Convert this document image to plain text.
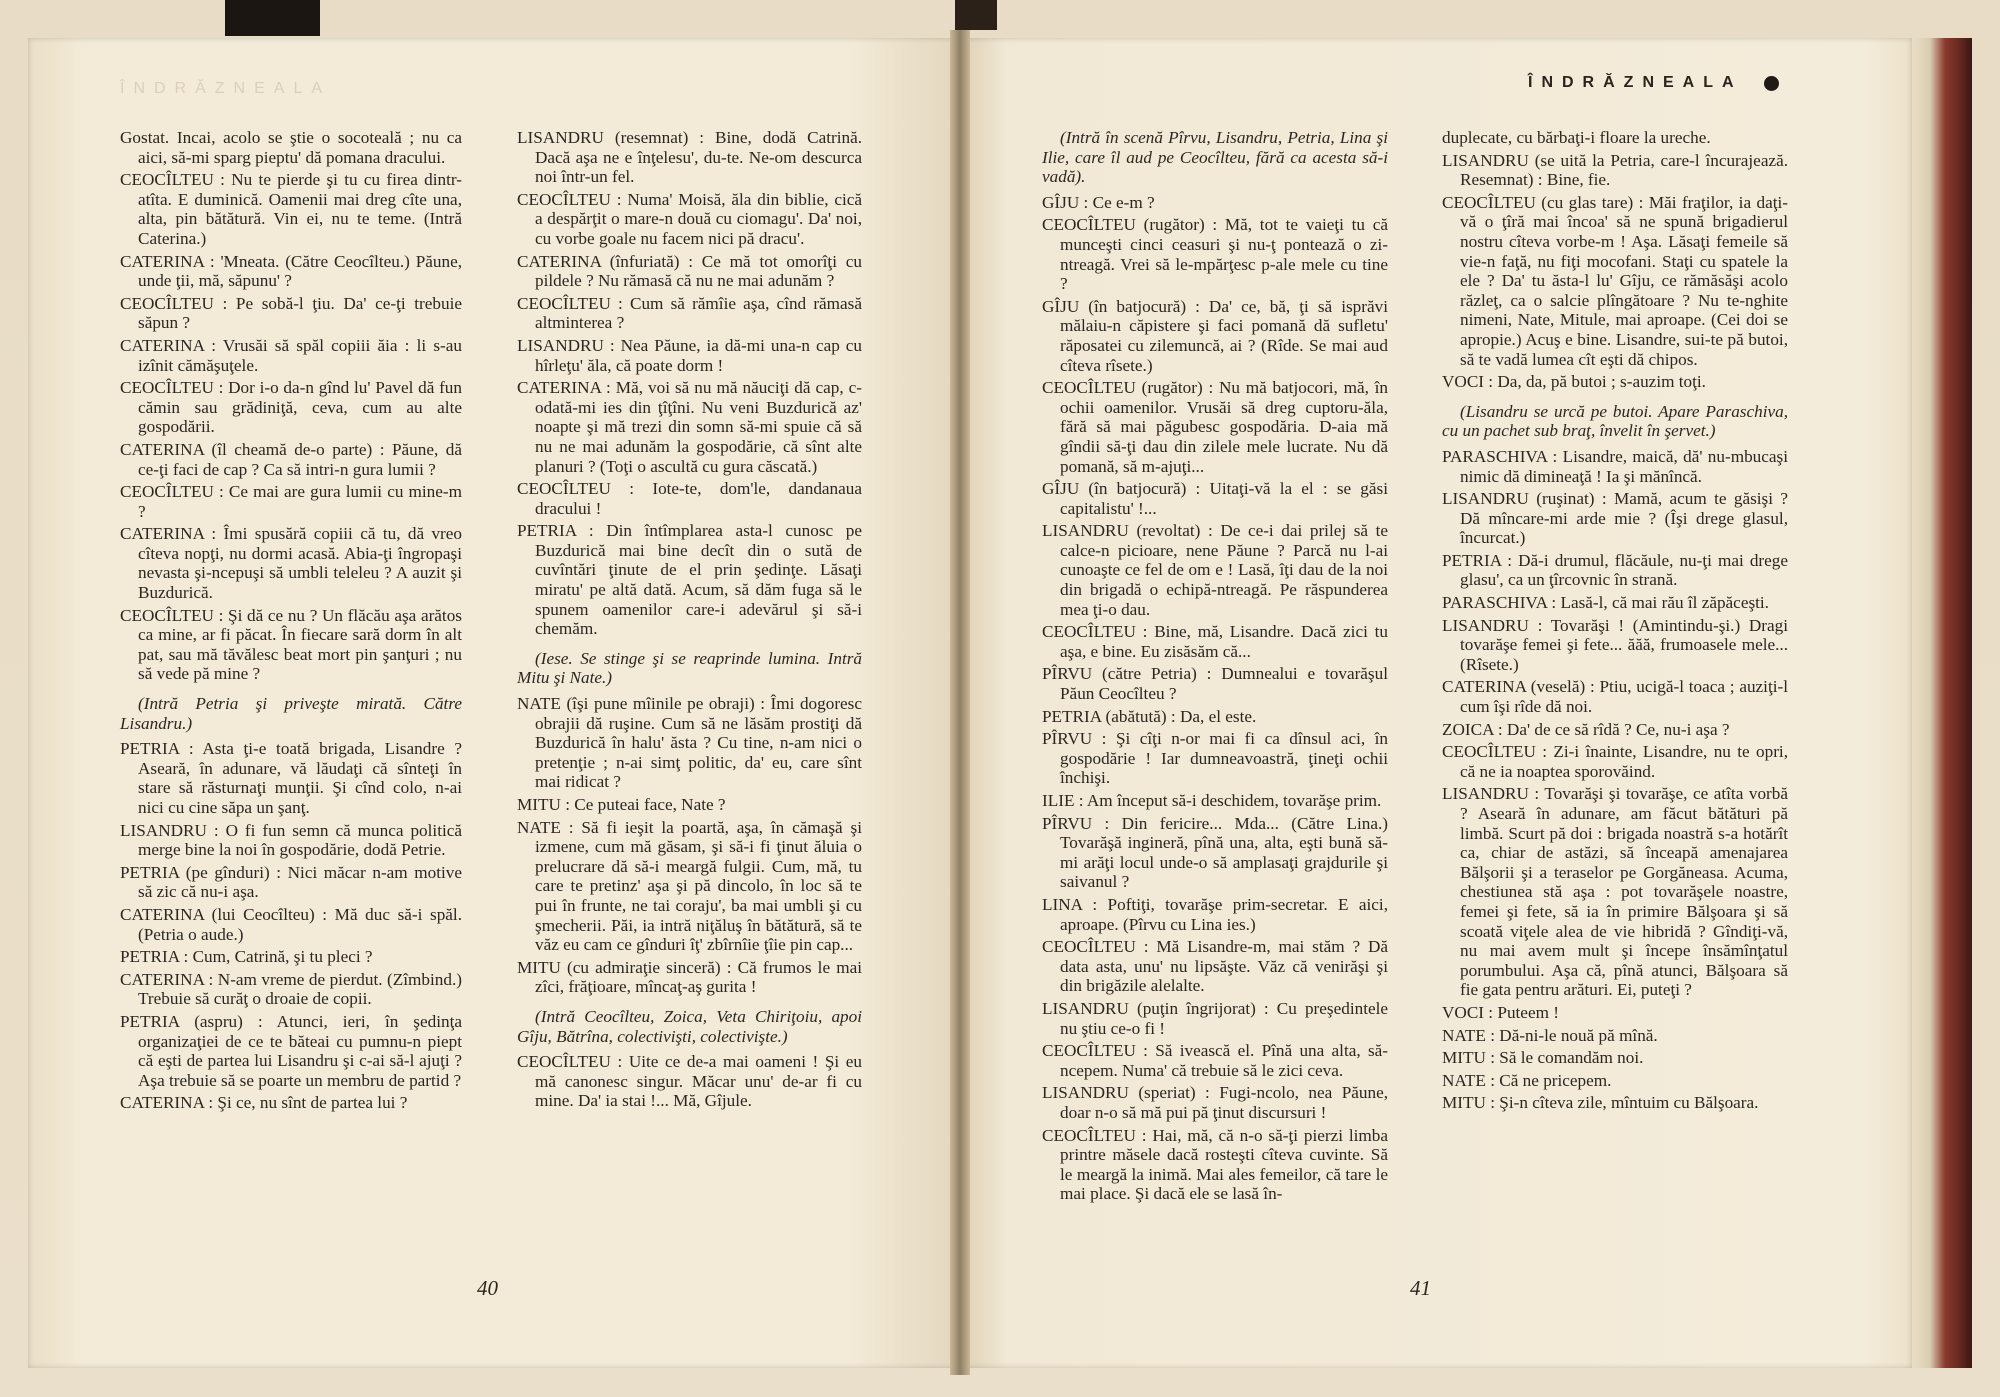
ÎNDRĂZNEALA	ÎNDRĂZNEALA

Gostat. Incai, acolo se ştie o socoteală ; nu ca aici, să-mi sparg pieptu' dă pomana dracului.

CEOCÎLTEU : Nu te pierde şi tu cu firea dintr-atîta. E duminică. Oamenii mai dreg cîte una, alta, pin bătătură. Vin ei, nu te teme. (Intră Caterina.)

CATERINA : 'Mneata. (Către Ceocîlteu.) Păune, unde ţii, mă, săpunu' ?

CEOCÎLTEU : Pe sobă-l ţiu. Da' ce-ţi trebuie săpun ?

CATERINA : Vrusăi să spăl copiii ăia : li s-au izînit cămăşuţele.

CEOCÎLTEU : Dor i-o da-n gînd lu' Pavel dă fun cămin sau grădiniţă, ceva, cum au alte gospodării.

CATERINA (îl cheamă de-o parte) : Păune, dă ce-ţi faci de cap ? Ca să intri-n gura lumii ?

CEOCÎLTEU : Ce mai are gura lumii cu mine-m ?

CATERINA : Îmi spusără copiii că tu, dă vreo cîteva nopţi, nu dormi acasă. Abia-ţi îngropaşi nevasta şi-ncepuşi să umbli teleleu ? A auzit şi Buzdurică.

CEOCÎLTEU : Şi dă ce nu ? Un flăcău aşa arătos ca mine, ar fi păcat. În fiecare sară dorm în alt pat, sau mă tăvălesc beat mort pin şanţuri ; nu să vede pă mine ?

(Intră Petria şi priveşte mirată. Către Lisandru.)

PETRIA : Asta ţi-e toată brigada, Lisandre ? Aseară, în adunare, vă lăudaţi că sînteţi în stare să răsturnaţi munţii. Şi cînd colo, n-ai nici cu cine săpa un şanţ.

LISANDRU : O fi fun semn că munca politică merge bine la noi în gospodărie, dodă Petrie.

PETRIA (pe gînduri) : Nici măcar n-am motive să zic că nu-i aşa.

CATERINA (lui Ceocîlteu) : Mă duc să-i spăl. (Petria o aude.)

PETRIA : Cum, Catrină, şi tu pleci ?

CATERINA : N-am vreme de pierdut. (Zîmbind.) Trebuie să curăţ o droaie de copii.

PETRIA (aspru) : Atunci, ieri, în şedinţa organizaţiei de ce te băteai cu pumnu-n piept că eşti de partea lui Lisandru şi c-ai să-l ajuţi ? Aşa trebuie să se poarte un membru de partid ?

CATERINA : Şi ce, nu sînt de partea lui ?

LISANDRU (resemnat) : Bine, dodă Catrină. Dacă aşa ne e înţelesu', du-te. Ne-om descurca noi într-un fel.

CEOCÎLTEU : Numa' Moisă, ăla din biblie, cică a despărţit o mare-n două cu ciomagu'. Da' noi, cu vorbe goale nu facem nici pă dracu'.

CATERINA (înfuriată) : Ce mă tot omorîţi cu pildele ? Nu rămasă că nu ne mai adunăm ?

CEOCÎLTEU : Cum să rămîie aşa, cînd rămasă altminterea ?

LISANDRU : Nea Păune, ia dă-mi una-n cap cu hîrleţu' ăla, că poate dorm !

CATERINA : Mă, voi să nu mă năuciţi dă cap, c-odată-mi ies din ţîţîni. Nu veni Buzdurică az' noapte şi mă trezi din somn să-mi spuie că să nu ne mai adunăm la gospodărie, că sînt alte planuri ? (Toţi o ascultă cu gura căscată.)

CEOCÎLTEU : Iote-te, dom'le, dandanaua dracului !

PETRIA : Din întîmplarea asta-l cunosc pe Buzdurică mai bine decît din o sută de cuvîntări ţinute de el prin şedinţe. Lăsaţi miratu' pe altă dată. Acum, să dăm fuga să le spunem oamenilor care-i adevărul şi să-i chemăm.

(Iese. Se stinge şi se reaprinde lumina. Intră Mitu şi Nate.)

NATE (îşi pune mîinile pe obraji) : Îmi dogoresc obrajii dă ruşine. Cum să ne lăsăm prostiţi dă Buzdurică în halu' ăsta ? Cu tine, n-am nici o pretenţie ; n-ai simţ politic, da' eu, care sînt mai ridicat ?

MITU : Ce puteai face, Nate ?

NATE : Să fi ieşit la poartă, aşa, în cămaşă şi izmene, cum mă găsam, şi să-i fi ţinut ăluia o prelucrare dă să-i meargă fulgii. Cum, mă, tu care te pretinz' aşa şi pă dincolo, în loc să te pui în frunte, ne tai coraju', ba mai umbli şi cu şmecherii. Păi, ia intră niţăluş în bătătură, să te văz eu cam ce gînduri îţ' zbîrnîie ţîie pin cap...

MITU (cu admiraţie sinceră) : Că frumos le mai zîci, frăţioare, mîncaţ-aş gurita !

(Intră Ceocîlteu, Zoica, Veta Chiriţoiu, apoi Gîju, Bătrîna, colectivişti, colectivişte.)

CEOCÎLTEU : Uite ce de-a mai oameni ! Şi eu mă canonesc singur. Măcar unu' de-ar fi cu mine. Da' ia stai !... Mă, Gîjule.

(Intră în scenă Pîrvu, Lisandru, Petria, Lina şi Ilie, care îl aud pe Ceocîlteu, fără ca acesta să-i vadă).

GÎJU : Ce e-m ?

CEOCÎLTEU (rugător) : Mă, tot te vaieţi tu că munceşti cinci ceasuri şi nu-ţ pontează o zi-ntreagă. Vrei să le-mpărţesc p-ale mele cu tine ?

GÎJU (în batjocură) : Da' ce, bă, ţi să isprăvi mălaiu-n căpistere şi faci pomană dă sufletu' răposatei cu zilemuncă, ai ? (Rîde. Se mai aud cîteva rîsete.)

CEOCÎLTEU (rugător) : Nu mă batjocori, mă, în ochii oamenilor. Vrusăi să dreg cuptoru-ăla, fără să mai păgubesc gospodăria. D-aia mă gîndii să-ţi dau din zilele mele lucrate. Nu dă pomană, să m-ajuţi...

GÎJU (în batjocură) : Uitaţi-vă la el : se găsi capitalistu' !...

LISANDRU (revoltat) : De ce-i dai prilej să te calce-n picioare, nene Păune ? Parcă nu l-ai cunoaşte ce fel de om e ! Lasă, îţi dau de la noi din brigadă o echipă-ntreagă. Pe răspunderea mea ţi-o dau.

CEOCÎLTEU : Bine, mă, Lisandre. Dacă zici tu aşa, e bine. Eu zisăsăm că...

PÎRVU (către Petria) : Dumnealui e tovarăşul Păun Ceocîlteu ?

PETRIA (abătută) : Da, el este.

PÎRVU : Şi cîţi n-or mai fi ca dînsul aci, în gospodărie ! Iar dumneavoastră, ţineţi ochii închişi.

ILIE : Am început să-i deschidem, tovarăşe prim.

PÎRVU : Din fericire... Mda... (Către Lina.) Tovarăşă ingineră, pînă una, alta, eşti bună să-mi arăţi locul unde-o să amplasaţi grajdurile şi saivanul ?

LINA : Poftiţi, tovarăşe prim-secretar. E aici, aproape. (Pîrvu cu Lina ies.)

CEOCÎLTEU : Mă Lisandre-m, mai stăm ? Dă data asta, unu' nu lipsăşte. Văz că venirăşi şi din brigăzile alelalte.

LISANDRU (puţin îngrijorat) : Cu preşedintele nu ştiu ce-o fi !

CEOCÎLTEU : Să ivească el. Pînă una alta, să-ncepem. Numa' că trebuie să le zici ceva.

LISANDRU (speriat) : Fugi-ncolo, nea Păune, doar n-o să mă pui pă ţinut discursuri !

CEOCÎLTEU : Hai, mă, că n-o să-ţi pierzi limba printre măsele dacă rosteşti cîteva cuvinte. Să le meargă la inimă. Mai ales femeilor, că tare le mai place. Şi dacă ele se lasă în-

duplecate, cu bărbaţi-i floare la ureche.

LISANDRU (se uită la Petria, care-l încurajează. Resemnat) : Bine, fie.

CEOCÎLTEU (cu glas tare) : Măi fraţilor, ia daţi-vă o ţîră mai încoa' să ne spună brigadierul nostru cîteva vorbe-m ! Aşa. Lăsaţi femeile să vie-n faţă, nu fiţi mocofani. Staţi cu spatele la ele ? Da' tu ăsta-l lu' Gîju, ce rămăsăşi acolo răzleţ, ca o salcie plîngătoare ? Nu te-nghite nimeni, Nate, Mitule, mai aproape. (Cei doi se apropie.) Acuş e bine. Lisandre, sui-te pă butoi, să te vadă lumea cît eşti dă chipos.

VOCI : Da, da, pă butoi ; s-auzim toţi.

(Lisandru se urcă pe butoi. Apare Paraschiva, cu un pachet sub braţ, învelit în şervet.)

PARASCHIVA : Lisandre, maică, dă' nu-mbucaşi nimic dă dimineaţă ! Ia şi mănîncă.

LISANDRU (ruşinat) : Mamă, acum te găsişi ? Dă mîncare-mi arde mie ? (Îşi drege glasul, încurcat.)

PETRIA : Dă-i drumul, flăcăule, nu-ţi mai drege glasu', ca un ţîrcovnic în strană.

PARASCHIVA : Lasă-l, că mai rău îl zăpăceşti.

LISANDRU : Tovarăşi ! (Amintindu-şi.) Dragi tovarăşe femei şi fete... ăăă, frumoasele mele... (Rîsete.)

CATERINA (veselă) : Ptiu, ucigă-l toaca ; auziţi-l cum îşi rîde dă noi.

ZOICA : Da' de ce să rîdă ? Ce, nu-i aşa ?

CEOCÎLTEU : Zi-i înainte, Lisandre, nu te opri, că ne ia noaptea sporovăind.

LISANDRU : Tovarăşi şi tovarăşe, ce atîta vorbă ? Aseară în adunare, am făcut bătături pă limbă. Scurt pă doi : brigada noastră s-a hotărît ca, chiar de astăzi, să înceapă amenajarea Bălşorii şi a teraselor pe Gorgăneasa. Acuma, chestiunea stă aşa : pot tovarăşele noastre, femei şi fete, să ia în primire Bălşoara şi să scoată viţele alea de vie hibridă ? Gîndiţi-vă, nu mai avem mult şi începe însămînţatul porumbului. Aşa că, pînă atunci, Bălşoara să fie gata pentru arături. Ei, puteţi ?

VOCI : Puteem !

NATE : Dă-ni-le nouă pă mînă.

MITU : Să le comandăm noi.

NATE : Că ne pricepem.

MITU : Şi-n cîteva zile, mîntuim cu Bălşoara.

40	41
